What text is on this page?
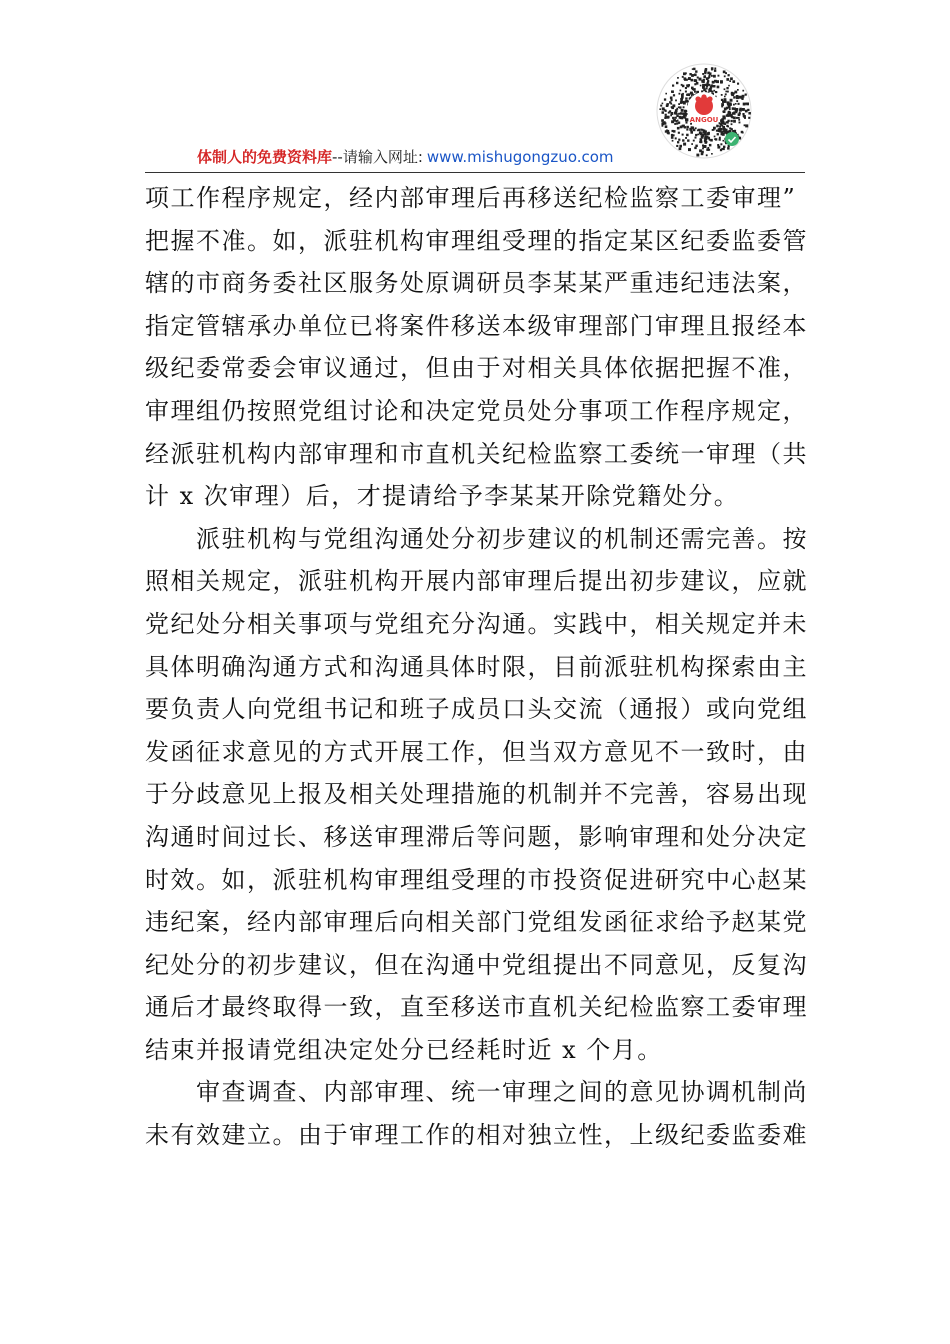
ANGOU
体制人的免费资料库--请输入网址: www.mishugongzuo.com
项工作程序规定，经内部审理后再移送纪检监察工委审理”
把握不准。如，派驻机构审理组受理的指定某区纪委监委管
辖的市商务委社区服务处原调研员李某某严重违纪违法案，
指定管辖承办单位已将案件移送本级审理部门审理且报经本
级纪委常委会审议通过，但由于对相关具体依据把握不准，
审理组仍按照党组讨论和决定党员处分事项工作程序规定，
经派驻机构内部审理和市直机关纪检监察工委统一审理（共
计 x 次审理）后，才提请给予李某某开除党籍处分。
　　派驻机构与党组沟通处分初步建议的机制还需完善。按
照相关规定，派驻机构开展内部审理后提出初步建议，应就
党纪处分相关事项与党组充分沟通。实践中，相关规定并未
具体明确沟通方式和沟通具体时限，目前派驻机构探索由主
要负责人向党组书记和班子成员口头交流（通报）或向党组
发函征求意见的方式开展工作，但当双方意见不一致时，由
于分歧意见上报及相关处理措施的机制并不完善，容易出现
沟通时间过长、移送审理滞后等问题，影响审理和处分决定
时效。如，派驻机构审理组受理的市投资促进研究中心赵某
违纪案，经内部审理后向相关部门党组发函征求给予赵某党
纪处分的初步建议，但在沟通中党组提出不同意见，反复沟
通后才最终取得一致，直至移送市直机关纪检监察工委审理
结束并报请党组决定处分已经耗时近 x 个月。
　　审查调查、内部审理、统一审理之间的意见协调机制尚
未有效建立。由于审理工作的相对独立性，上级纪委监委难
